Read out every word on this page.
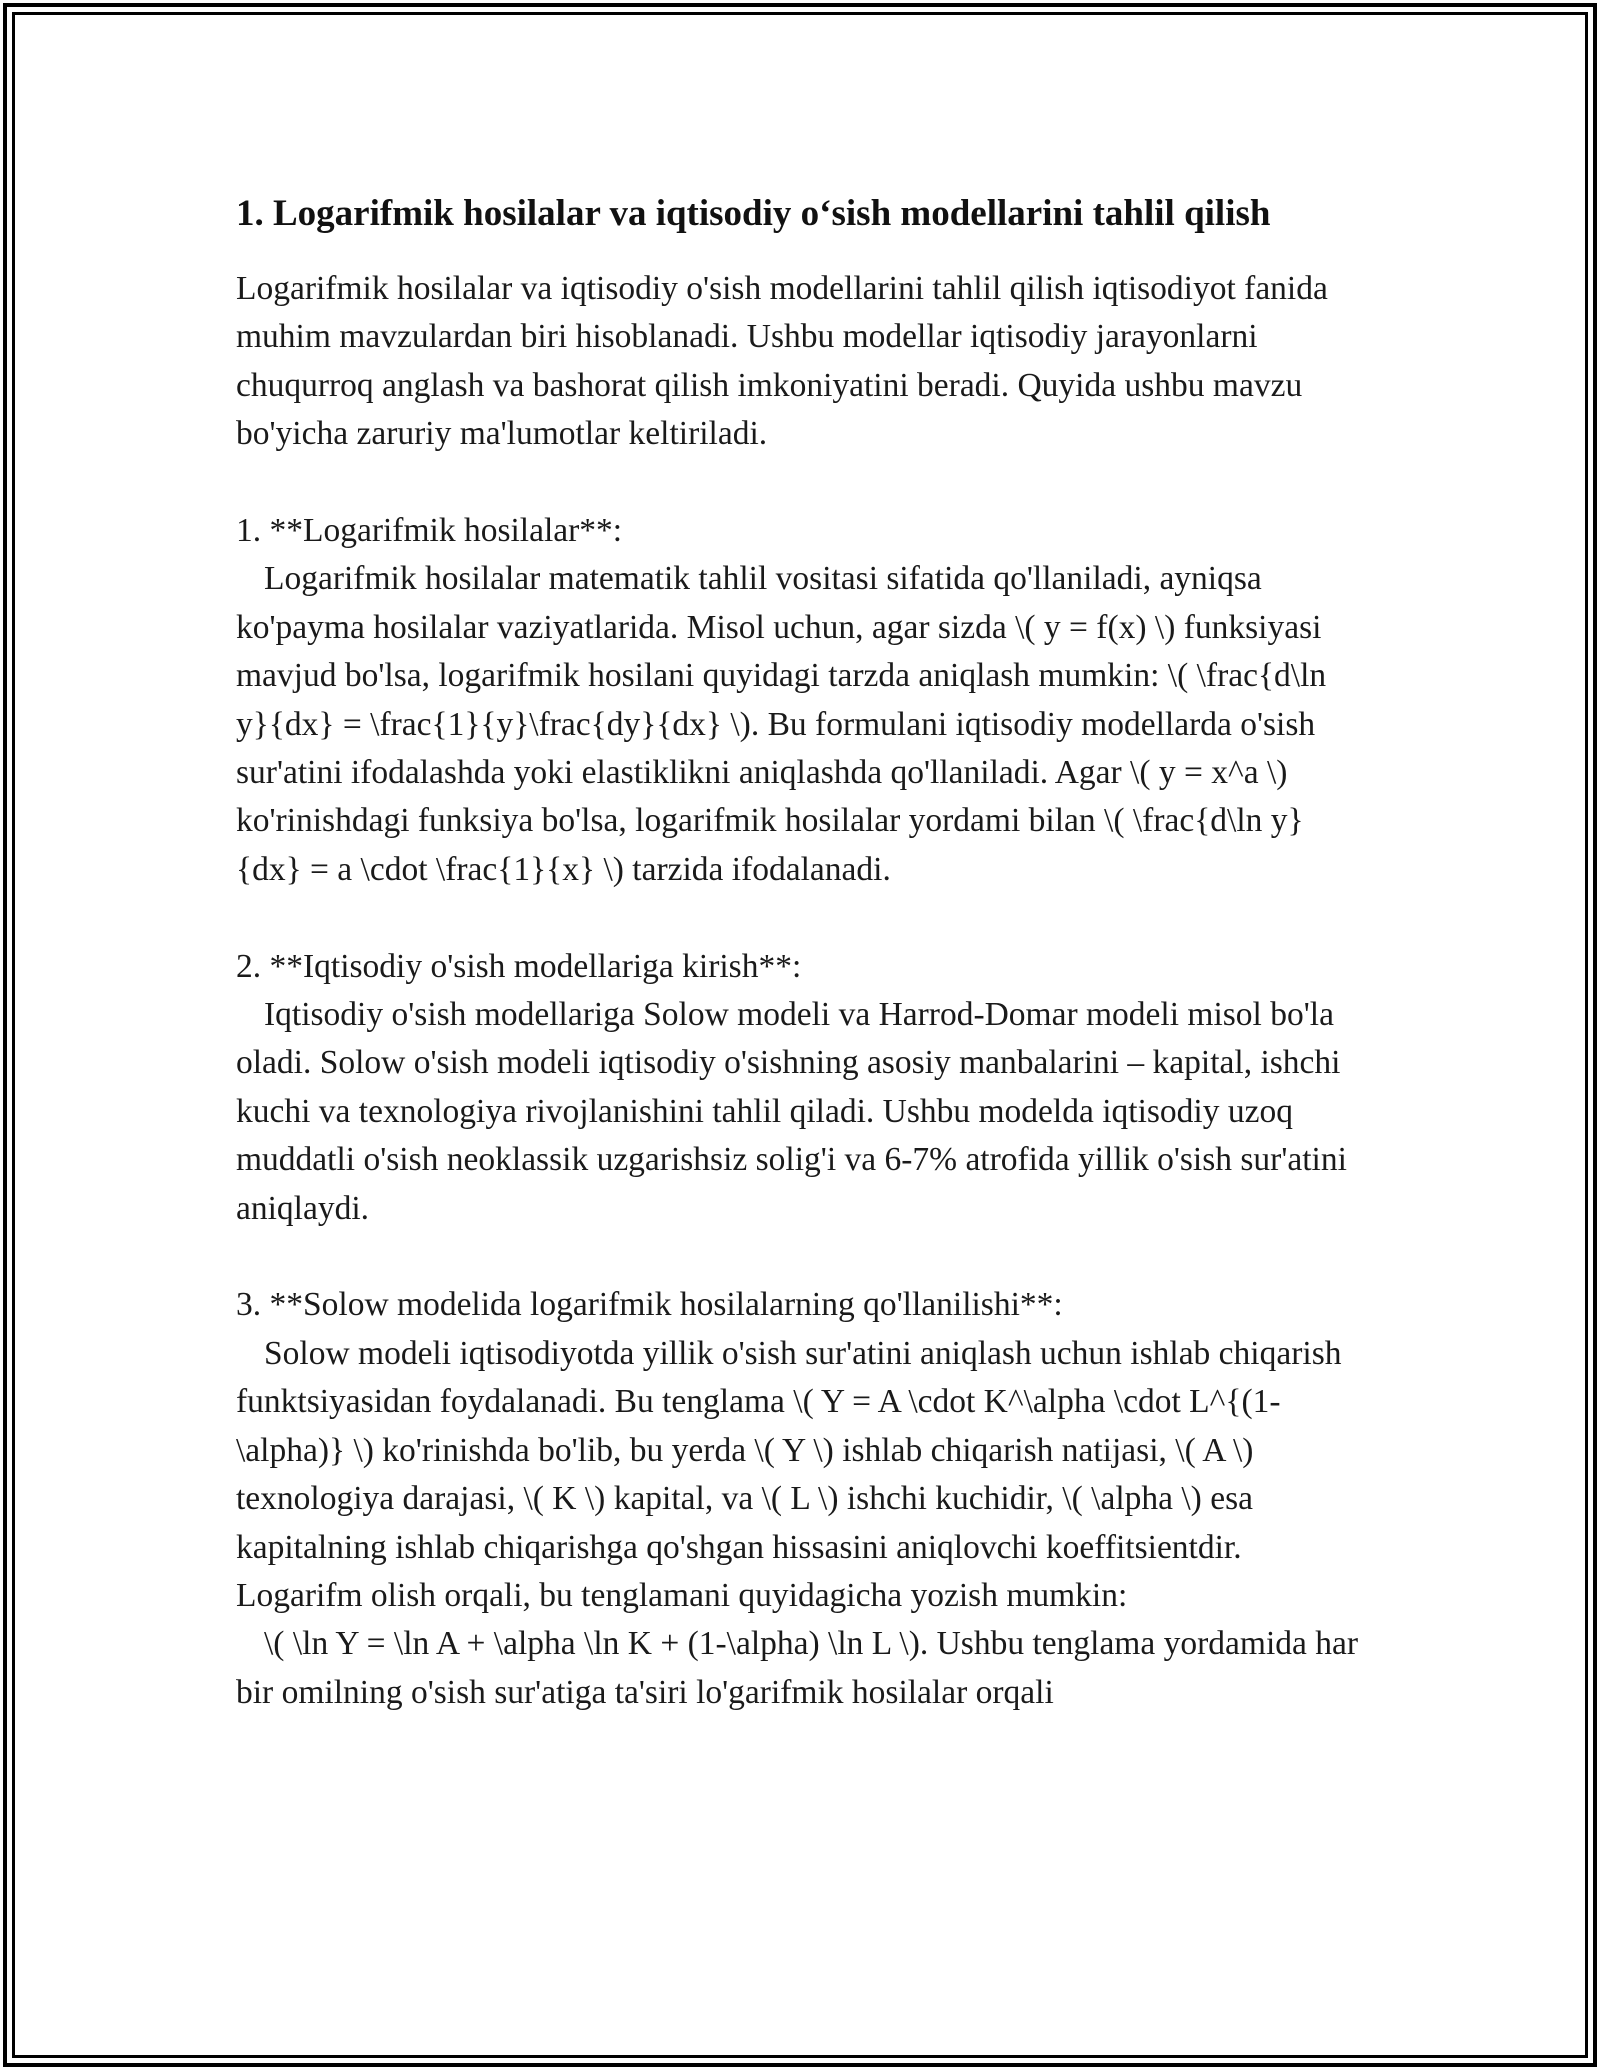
1. Logarifmik hosilalar va iqtisodiy o‘sish modellarini tahlil qilish

Logarifmik hosilalar va iqtisodiy o'sish modellarini tahlil qilish iqtisodiyot fanida muhim mavzulardan biri hisoblanadi. Ushbu modellar iqtisodiy jarayonlarni chuqurroq anglash va bashorat qilish imkoniyatini beradi. Quyida ushbu mavzu bo'yicha zaruriy ma'lumotlar keltiriladi.

1. **Logarifmik hosilalar**:

Logarifmik hosilalar matematik tahlil vositasi sifatida qo'llaniladi, ayniqsa ko'payma hosilalar vaziyatlarida. Misol uchun, agar sizda \( y = f(x) \) funksiyasi mavjud bo'lsa, logarifmik hosilani quyidagi tarzda aniqlash mumkin: \( \frac{d\ln y}{dx} = \frac{1}{y}\frac{dy}{dx} \). Bu formulani iqtisodiy modellarda o'sish sur'atini ifodalashda yoki elastiklikni aniqlashda qo'llaniladi. Agar \( y = x^a \) ko'rinishdagi funksiya bo'lsa, logarifmik hosilalar yordami bilan \( \frac{d\ln y}{dx} = a \cdot \frac{1}{x} \) tarzida ifodalanadi.

2. **Iqtisodiy o'sish modellariga kirish**:

Iqtisodiy o'sish modellariga Solow modeli va Harrod-Domar modeli misol bo'la oladi. Solow o'sish modeli iqtisodiy o'sishning asosiy manbalarini – kapital, ishchi kuchi va texnologiya rivojlanishini tahlil qiladi. Ushbu modelda iqtisodiy uzoq muddatli o'sish neoklassik uzgarishsiz solig'i va 6-7% atrofida yillik o'sish sur'atini aniqlaydi.

3. **Solow modelida logarifmik hosilalarning qo'llanilishi**:

Solow modeli iqtisodiyotda yillik o'sish sur'atini aniqlash uchun ishlab chiqarish funktsiyasidan foydalanadi. Bu tenglama \( Y = A \cdot K^\alpha \cdot L^{(1-\alpha)} \) ko'rinishda bo'lib, bu yerda \( Y \) ishlab chiqarish natijasi, \( A \) texnologiya darajasi, \( K \) kapital, va \( L \) ishchi kuchidir, \( \alpha \) esa kapitalning ishlab chiqarishga qo'shgan hissasini aniqlovchi koeffitsientdir. Logarifm olish orqali, bu tenglamani quyidagicha yozish mumkin:

\( \ln Y = \ln A + \alpha \ln K + (1-\alpha) \ln L \). Ushbu tenglama yordamida har bir omilning o'sish sur'atiga ta'siri lo'garifmik hosilalar orqali
